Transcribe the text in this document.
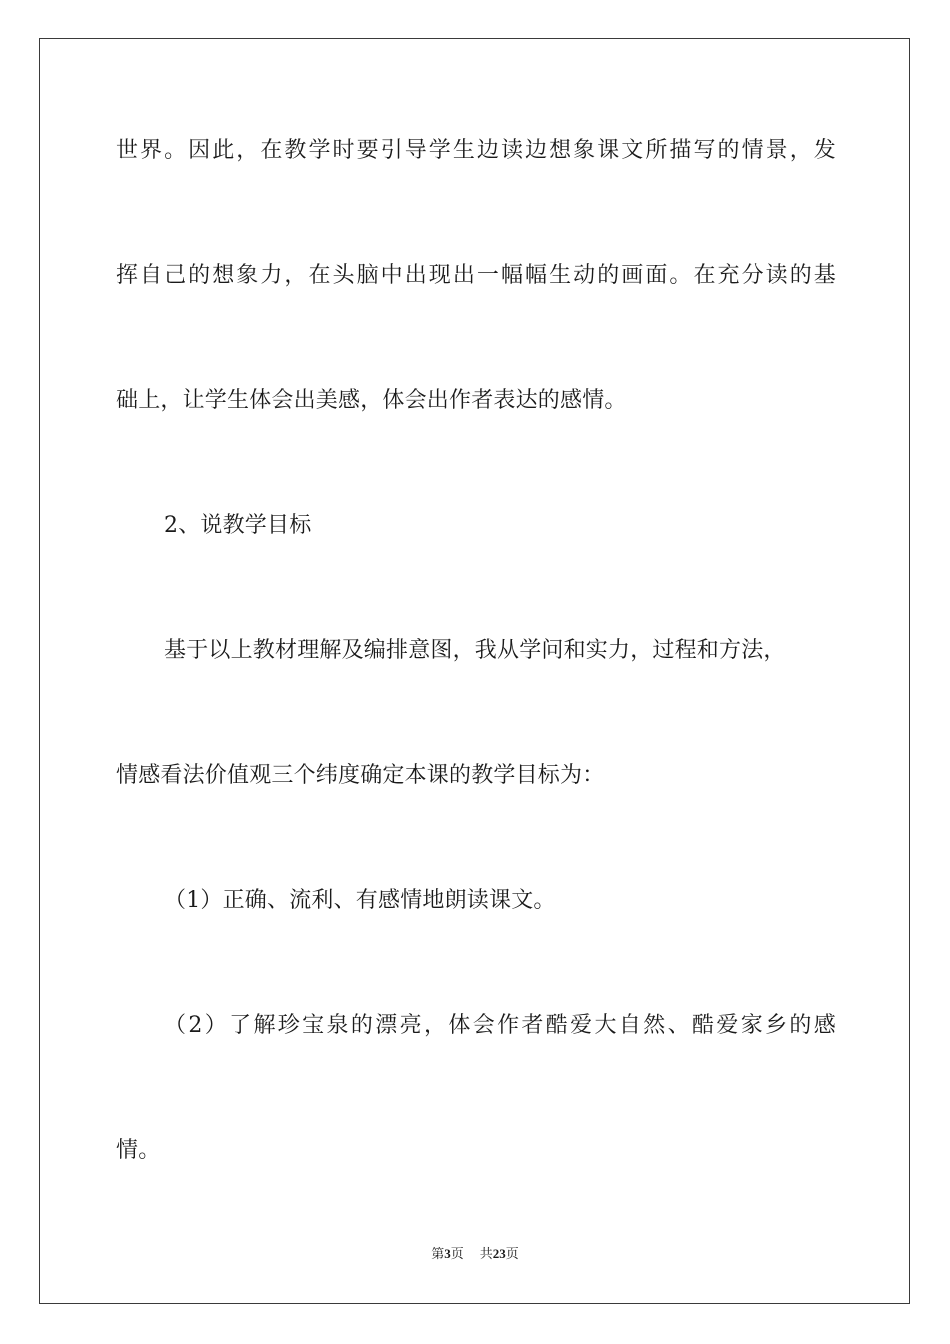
世界。因此，在教学时要引导学生边读边想象课文所描写的情景，发
挥自己的想象力，在头脑中出现出一幅幅生动的画面。在充分读的基
础上，让学生体会出美感，体会出作者表达的感情。
2、说教学目标
基于以上教材理解及编排意图，我从学问和实力，过程和方法，
情感看法价值观三个纬度确定本课的教学目标为：
（1）正确、流利、有感情地朗读课文。
（2）了解珍宝泉的漂亮，体会作者酷爱大自然、酷爱家乡的感
情。
第3页 共23页
